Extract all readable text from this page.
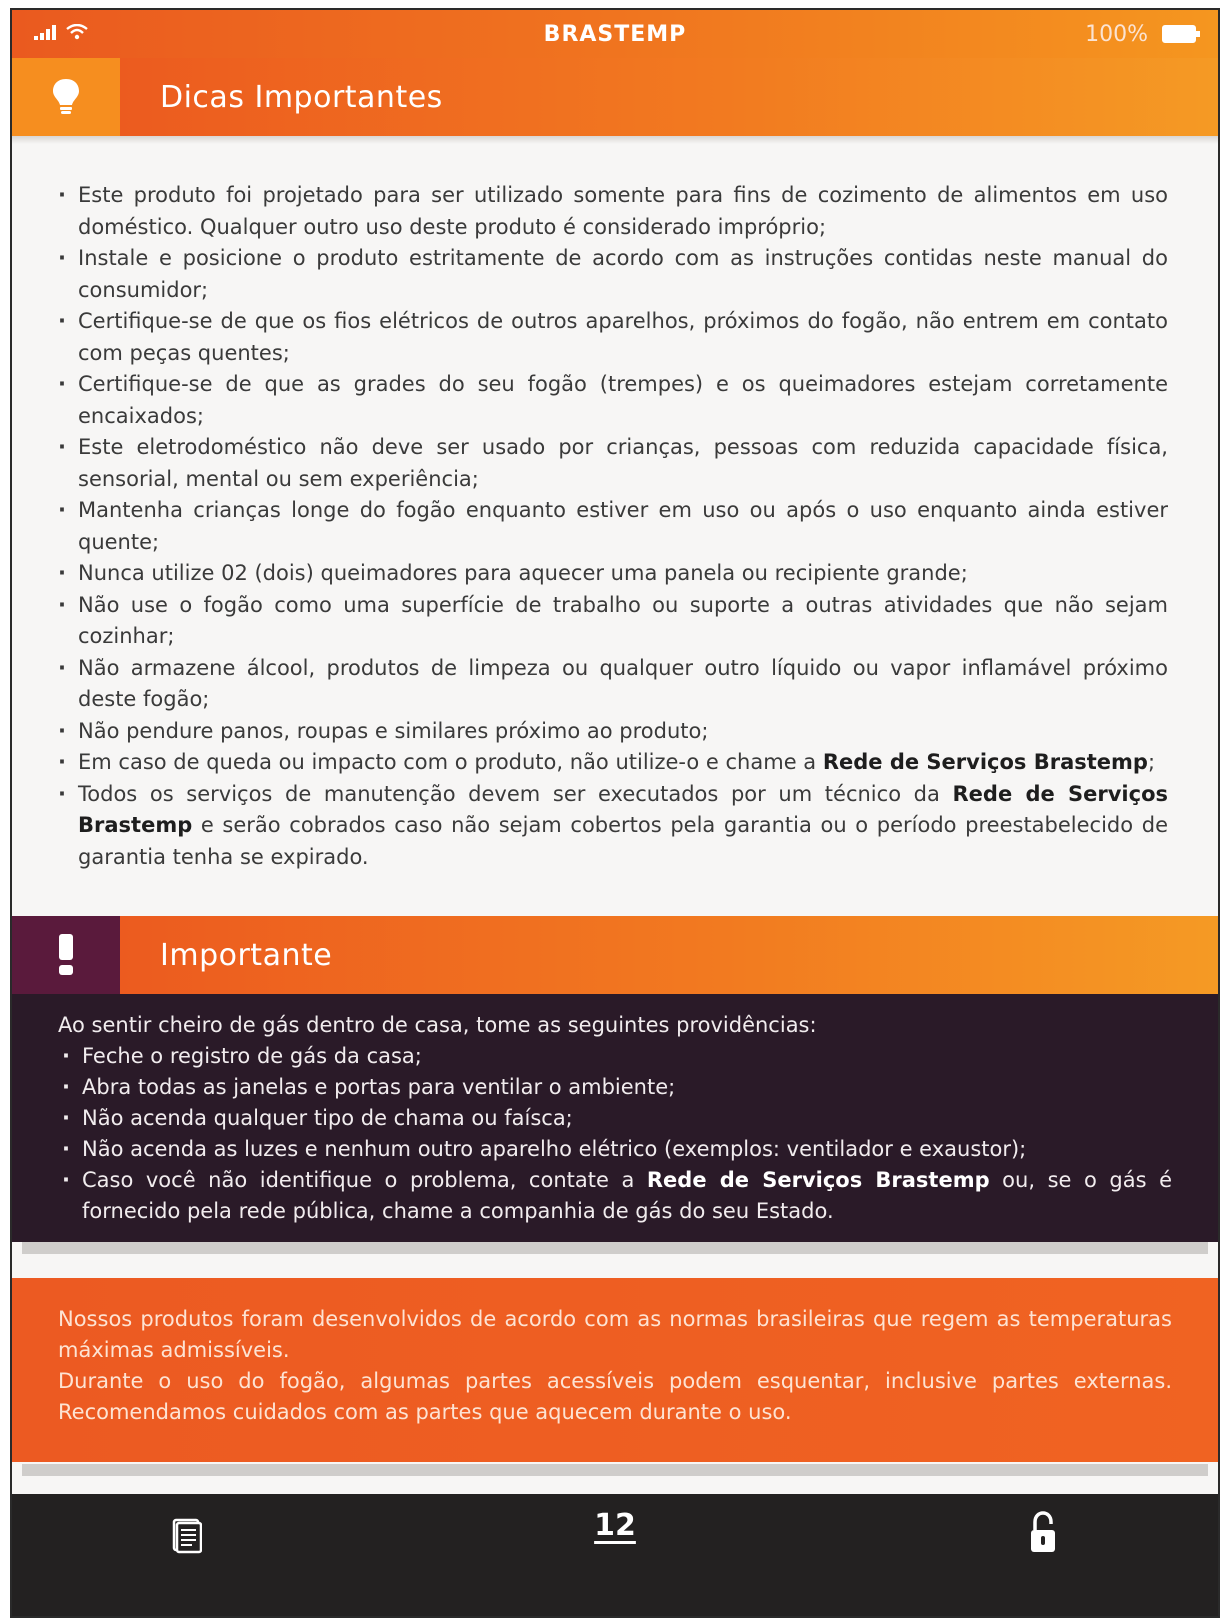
BRASTEMP	100%
Dicas Importantes
· Este produto foi projetado para ser utilizado somente para fins de cozimento de alimentos em uso doméstico. Qualquer outro uso deste produto é considerado impróprio;
· Instale e posicione o produto estritamente de acordo com as instruções contidas neste manual do consumidor;
· Certifique-se de que os fios elétricos de outros aparelhos, próximos do fogão, não entrem em contato com peças quentes;
· Certifique-se de que as grades do seu fogão (trempes) e os queimadores estejam corretamente encaixados;
· Este eletrodoméstico não deve ser usado por crianças, pessoas com reduzida capacidade física, sensorial, mental ou sem experiência;
· Mantenha crianças longe do fogão enquanto estiver em uso ou após o uso enquanto ainda estiver quente;
· Nunca utilize 02 (dois) queimadores para aquecer uma panela ou recipiente grande;
· Não use o fogão como uma superfície de trabalho ou suporte a outras atividades que não sejam cozinhar;
· Não armazene álcool, produtos de limpeza ou qualquer outro líquido ou vapor inflamável próximo deste fogão;
· Não pendure panos, roupas e similares próximo ao produto;
· Em caso de queda ou impacto com o produto, não utilize-o e chame a Rede de Serviços Brastemp;
· Todos os serviços de manutenção devem ser executados por um técnico da Rede de Serviços Brastemp e serão cobrados caso não sejam cobertos pela garantia ou o período preestabelecido de garantia tenha se expirado.
Importante
Ao sentir cheiro de gás dentro de casa, tome as seguintes providências:
· Feche o registro de gás da casa;
· Abra todas as janelas e portas para ventilar o ambiente;
· Não acenda qualquer tipo de chama ou faísca;
· Não acenda as luzes e nenhum outro aparelho elétrico (exemplos: ventilador e exaustor);
· Caso você não identifique o problema, contate a Rede de Serviços Brastemp ou, se o gás é fornecido pela rede pública, chame a companhia de gás do seu Estado.
Nossos produtos foram desenvolvidos de acordo com as normas brasileiras que regem as temperaturas máximas admissíveis.
Durante o uso do fogão, algumas partes acessíveis podem esquentar, inclusive partes externas. Recomendamos cuidados com as partes que aquecem durante o uso.
12
